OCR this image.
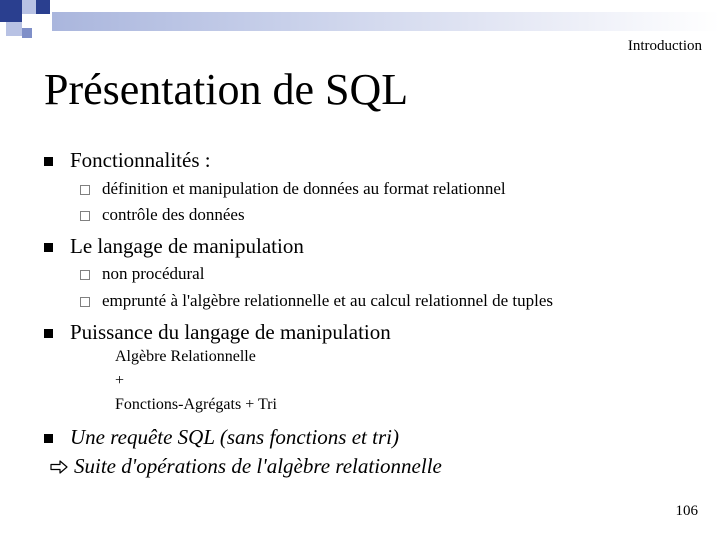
Introduction
Présentation de SQL
Fonctionnalités :
définition et manipulation de données au format relationnel
contrôle des données
Le langage de manipulation
non procédural
emprunté à l'algèbre relationnelle et au calcul relationnel de tuples
Puissance du langage de manipulation
Algèbre Relationnelle
+
Fonctions-Agrégats + Tri
Une requête SQL (sans fonctions et tri)
Suite d'opérations de l'algèbre relationnelle
106
